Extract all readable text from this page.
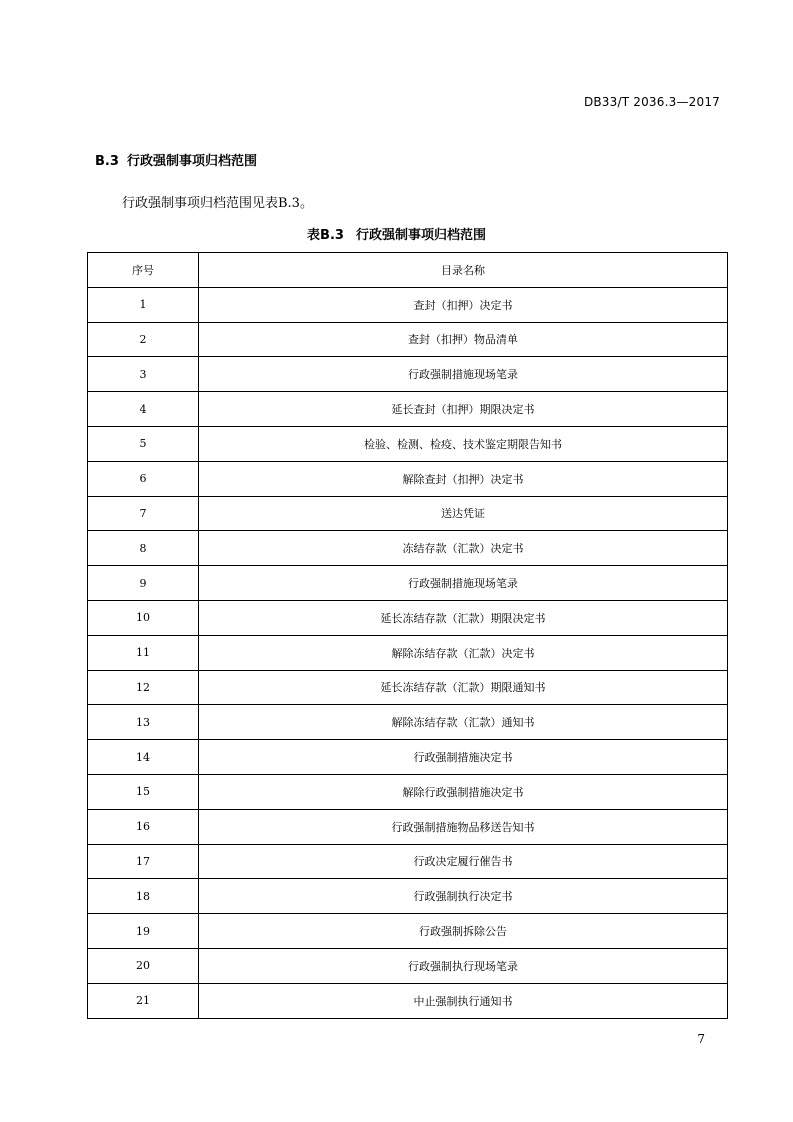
DB33/T 2036.3—2017
B.3 行政强制事项归档范围
行政强制事项归档范围见表B.3。
表B.3 行政强制事项归档范围
序号	目录名称
1	查封（扣押）决定书
2	查封（扣押）物品清单
3	行政强制措施现场笔录
4	延长查封（扣押）期限决定书
5	检验、检测、检疫、技术鉴定期限告知书
6	解除查封（扣押）决定书
7	送达凭证
8	冻结存款（汇款）决定书
9	行政强制措施现场笔录
10	延长冻结存款（汇款）期限决定书
11	解除冻结存款（汇款）决定书
12	延长冻结存款（汇款）期限通知书
13	解除冻结存款（汇款）通知书
14	行政强制措施决定书
15	解除行政强制措施决定书
16	行政强制措施物品移送告知书
17	行政决定履行催告书
18	行政强制执行决定书
19	行政强制拆除公告
20	行政强制执行现场笔录
21	中止强制执行通知书
7
